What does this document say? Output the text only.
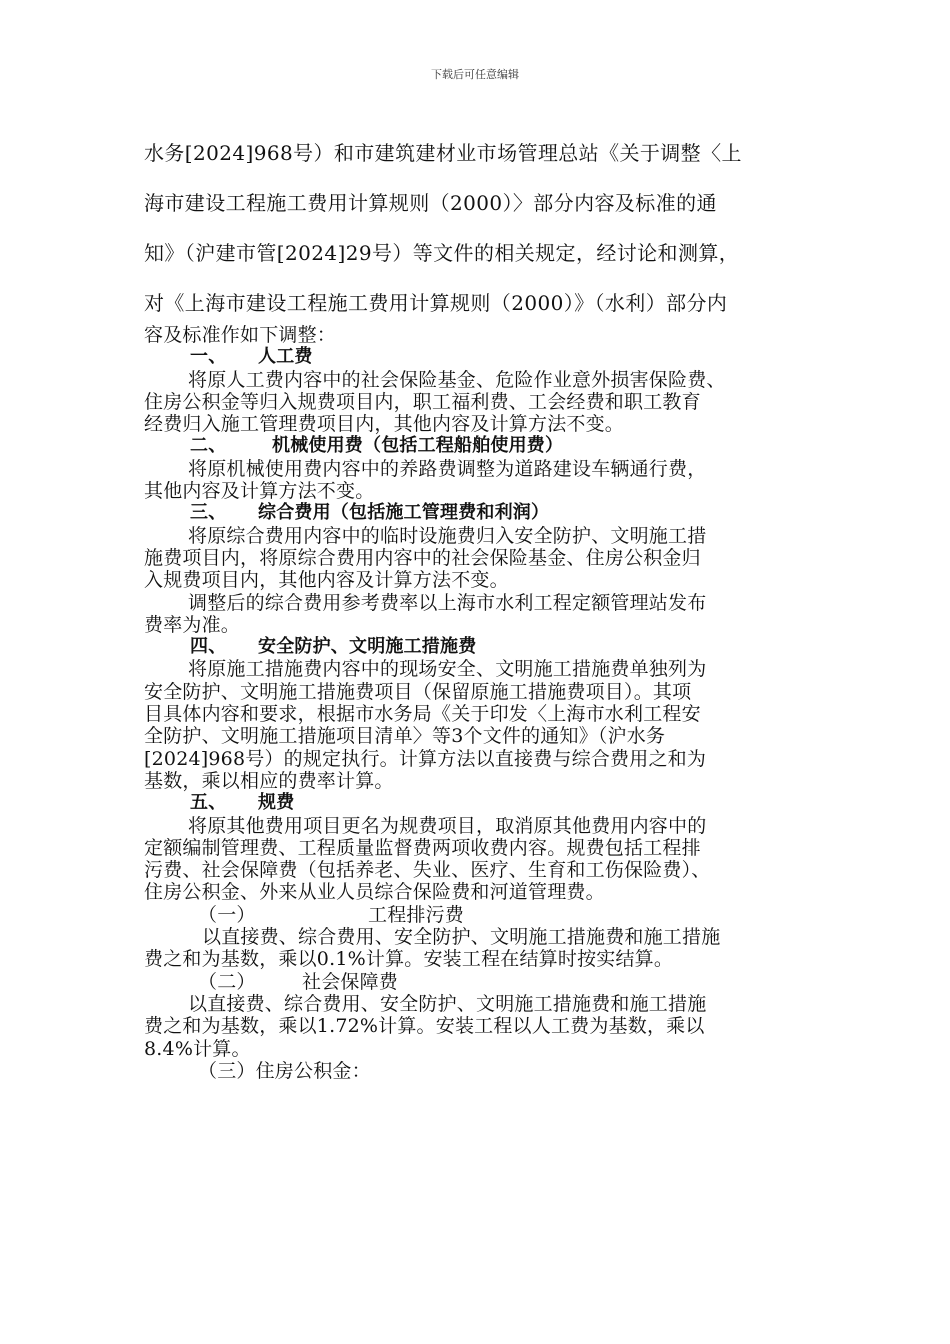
下载后可任意编辑
水务[2024]968号）和市建筑建材业市场管理总站《关于调整〈上
海市建设工程施工费用计算规则（2000）〉部分内容及标准的通
知》（沪建市管[2024]29号）等文件的相关规定，经讨论和测算，
对《上海市建设工程施工费用计算规则（2000）》（水利）部分内
容及标准作如下调整：
一、 人工费
将原人工费内容中的社会保险基金、危险作业意外损害保险费、
住房公积金等归入规费项目内，职工福利费、工会经费和职工教育
经费归入施工管理费项目内，其他内容及计算方法不变。
二、	机械使用费（包括工程船舶使用费）
将原机械使用费内容中的养路费调整为道路建设车辆通行费，
其他内容及计算方法不变。
三、 综合费用（包括施工管理费和利润）
将原综合费用内容中的临时设施费归入安全防护、文明施工措
施费项目内，将原综合费用内容中的社会保险基金、住房公积金归
入规费项目内，其他内容及计算方法不变。
调整后的综合费用参考费率以上海市水利工程定额管理站发布
费率为准。
四、 安全防护、文明施工措施费
将原施工措施费内容中的现场安全、文明施工措施费单独列为
安全防护、文明施工措施费项目（保留原施工措施费项目）。其项
目具体内容和要求，根据市水务局《关于印发〈上海市水利工程安
全防护、文明施工措施项目清单〉等3个文件的通知》（沪水务
[2024]968号）的规定执行。计算方法以直接费与综合费用之和为
基数，乘以相应的费率计算。
五、 规费
将原其他费用项目更名为规费项目，取消原其他费用内容中的
定额编制管理费、工程质量监督费两项收费内容。规费包括工程排
污费、社会保障费（包括养老、失业、医疗、生育和工伤保险费）、
住房公积金、外来从业人员综合保险费和河道管理费。
（一）	工程排污费
以直接费、综合费用、安全防护、文明施工措施费和施工措施
费之和为基数，乘以0.1%计算。安装工程在结算时按实结算。
（二） 社会保障费
以直接费、综合费用、安全防护、文明施工措施费和施工措施
费之和为基数，乘以1.72%计算。安装工程以人工费为基数，乘以
8.4%计算。
（三）住房公积金：
